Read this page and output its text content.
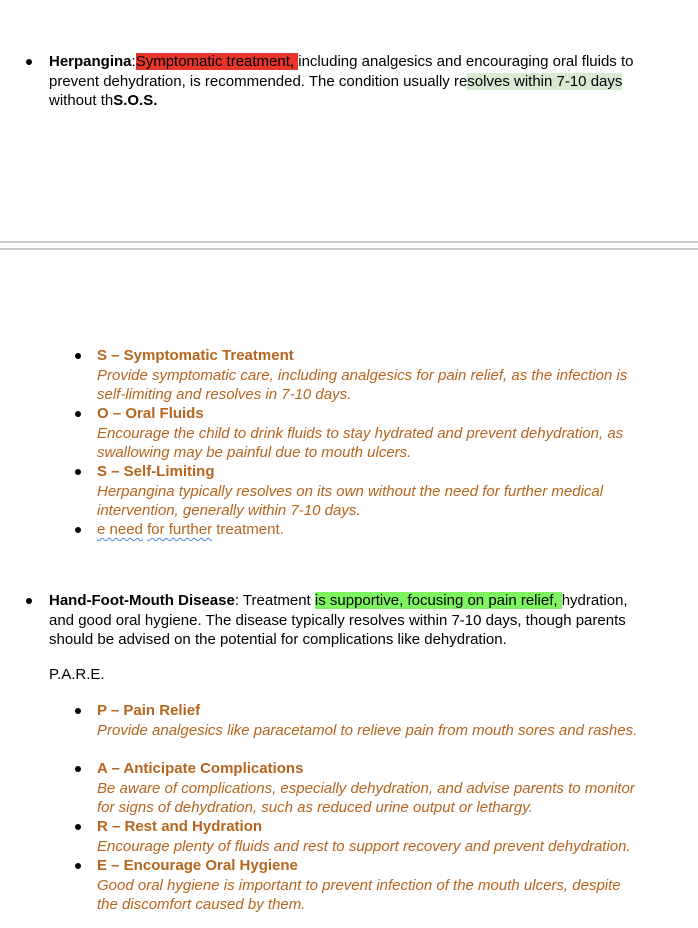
Herpangina:Symptomatic treatment, including analgesics and encouraging oral fluids to prevent dehydration, is recommended. The condition usually resolves within 7-10 days
without thS.O.S.
S – Symptomatic Treatment
Provide symptomatic care, including analgesics for pain relief, as the infection is self-limiting and resolves in 7-10 days.
O – Oral Fluids
Encourage the child to drink fluids to stay hydrated and prevent dehydration, as swallowing may be painful due to mouth ulcers.
S – Self-Limiting
Herpangina typically resolves on its own without the need for further medical intervention, generally within 7-10 days.
e need for further treatment.
Hand-Foot-Mouth Disease: Treatment is supportive, focusing on pain relief, hydration, and good oral hygiene. The disease typically resolves within 7-10 days, though parents should be advised on the potential for complications like dehydration.
P.A.R.E.
P – Pain Relief
Provide analgesics like paracetamol to relieve pain from mouth sores and rashes.
A – Anticipate Complications
Be aware of complications, especially dehydration, and advise parents to monitor for signs of dehydration, such as reduced urine output or lethargy.
R – Rest and Hydration
Encourage plenty of fluids and rest to support recovery and prevent dehydration.
E – Encourage Oral Hygiene
Good oral hygiene is important to prevent infection of the mouth ulcers, despite the discomfort caused by them.
